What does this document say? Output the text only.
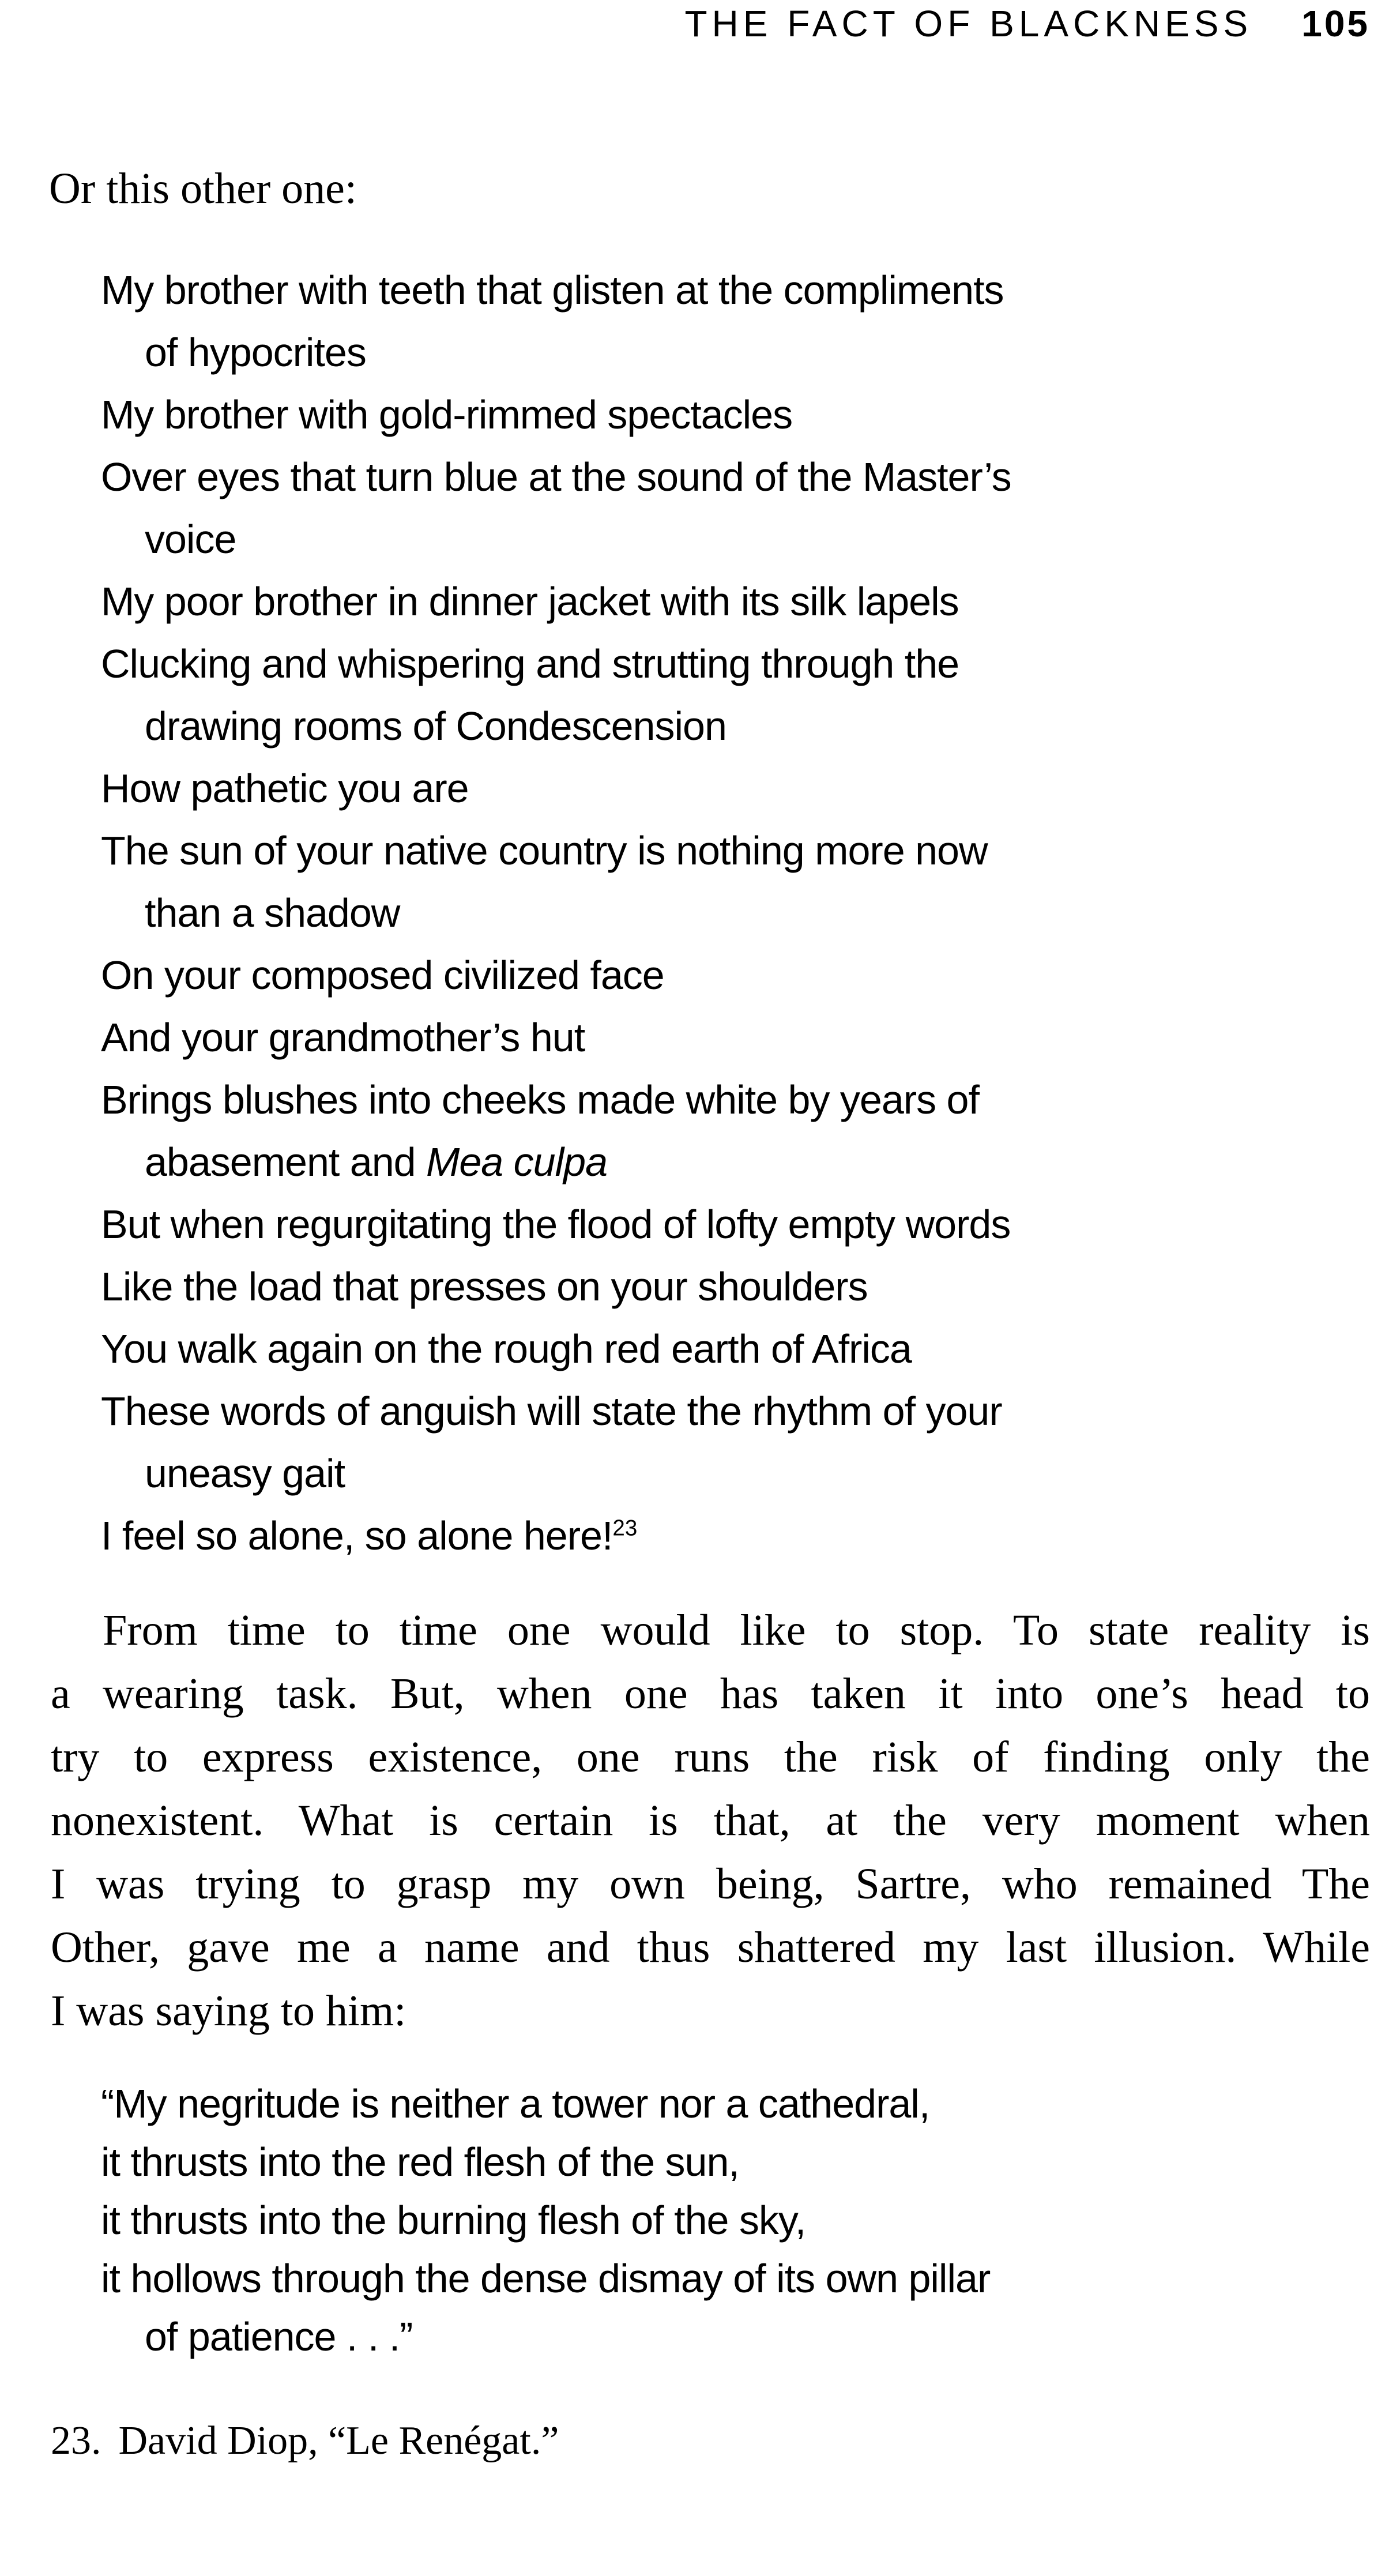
THE FACT OF BLACKNESS 105
Or this other one:
My brother with teeth that glisten at the compliments
of hypocrites
My brother with gold-rimmed spectacles
Over eyes that turn blue at the sound of the Master’s
voice
My poor brother in dinner jacket with its silk lapels
Clucking and whispering and strutting through the
drawing rooms of Condescension
How pathetic you are
The sun of your native country is nothing more now
than a shadow
On your composed civilized face
And your grandmother’s hut
Brings blushes into cheeks made white by years of
abasement and Mea culpa
But when regurgitating the flood of lofty empty words
Like the load that presses on your shoulders
You walk again on the rough red earth of Africa
These words of anguish will state the rhythm of your
uneasy gait
I feel so alone, so alone here!$^{23}$
From time to time one would like to stop. To state reality is
a wearing task. But, when one has taken it into one’s head to
try to express existence, one runs the risk of finding only the
nonexistent. What is certain is that, at the very moment when
I was trying to grasp my own being, Sartre, who remained The
Other, gave me a name and thus shattered my last illusion. While
I was saying to him:
“My negritude is neither a tower nor a cathedral,
it thrusts into the red flesh of the sun,
it thrusts into the burning flesh of the sky,
it hollows through the dense dismay of its own pillar
of patience . . .”
23. David Diop, “Le Renégat.”
